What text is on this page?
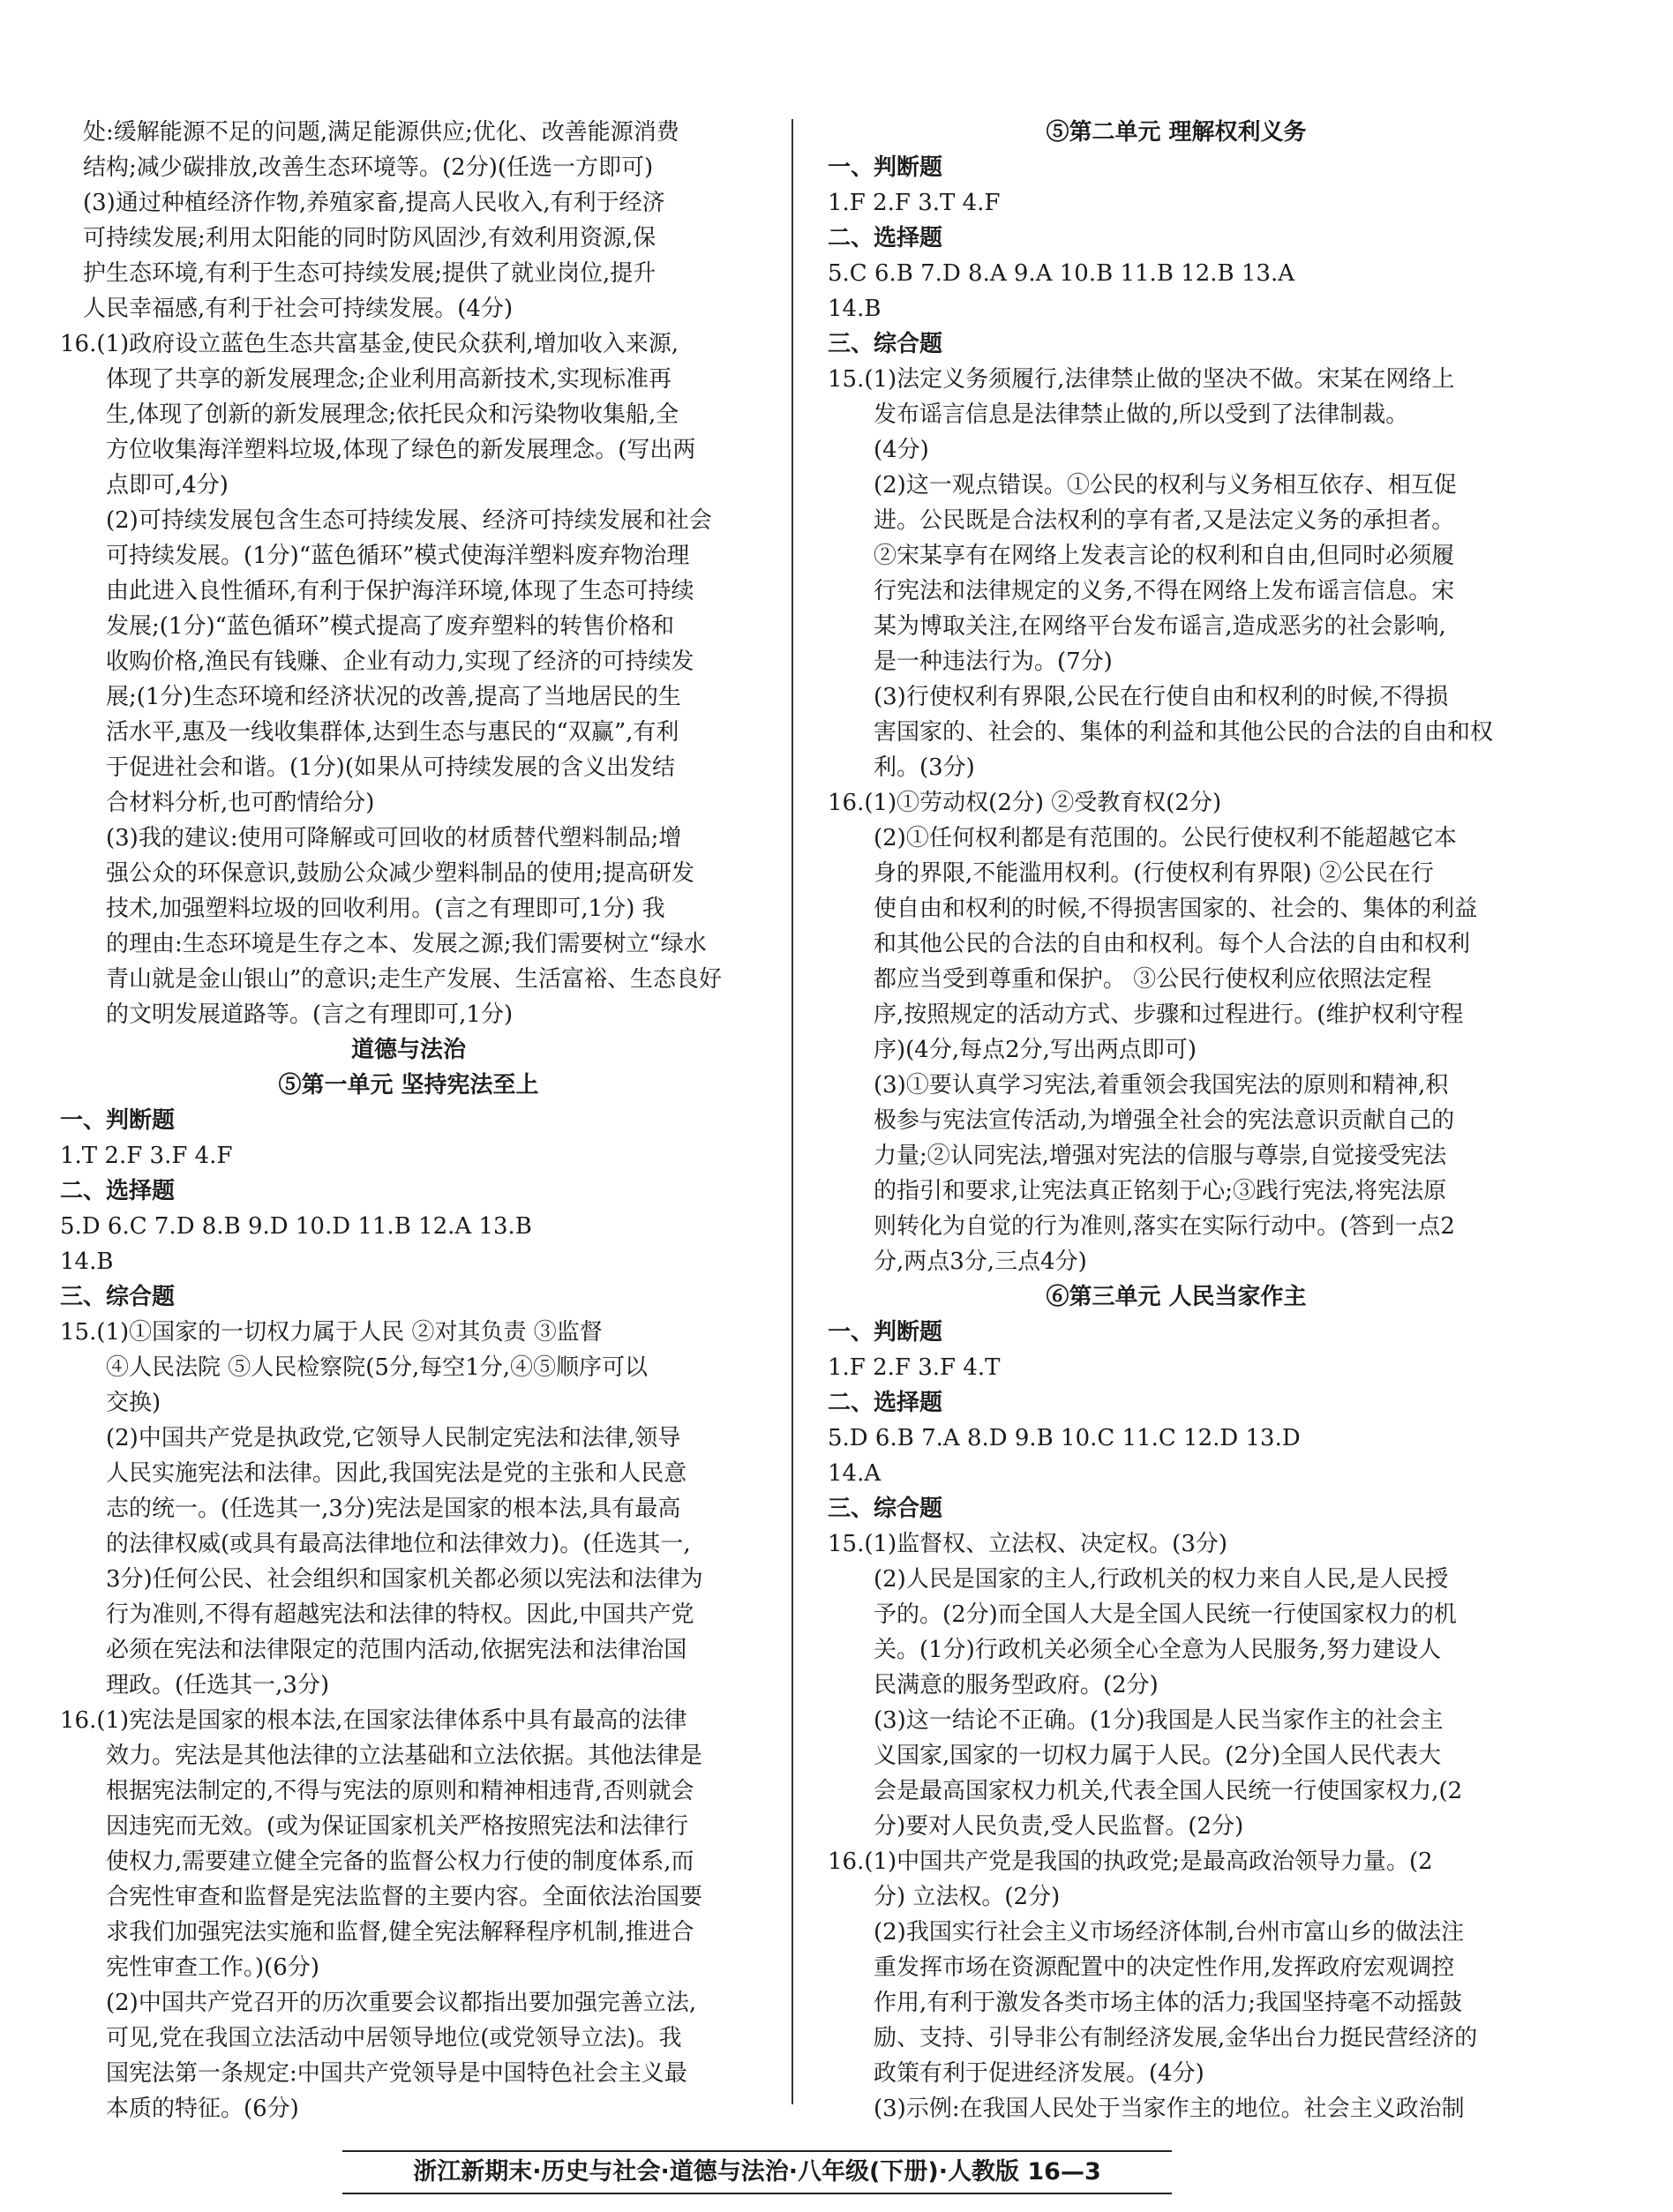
处:缓解能源不足的问题,满足能源供应;优化、改善能源消费
结构;减少碳排放,改善生态环境等。(2分)(任选一方即可)
(3)通过种植经济作物,养殖家畜,提高人民收入,有利于经济
可持续发展;利用太阳能的同时防风固沙,有效利用资源,保
护生态环境,有利于生态可持续发展;提供了就业岗位,提升
人民幸福感,有利于社会可持续发展。(4分)
16.(1)政府设立蓝色生态共富基金,使民众获利,增加收入来源,
体现了共享的新发展理念;企业利用高新技术,实现标准再
生,体现了创新的新发展理念;依托民众和污染物收集船,全
方位收集海洋塑料垃圾,体现了绿色的新发展理念。(写出两
点即可,4分)
(2)可持续发展包含生态可持续发展、经济可持续发展和社会
可持续发展。(1分)“蓝色循环”模式使海洋塑料废弃物治理
由此进入良性循环,有利于保护海洋环境,体现了生态可持续
发展;(1分)“蓝色循环”模式提高了废弃塑料的转售价格和
收购价格,渔民有钱赚、企业有动力,实现了经济的可持续发
展;(1分)生态环境和经济状况的改善,提高了当地居民的生
活水平,惠及一线收集群体,达到生态与惠民的“双赢”,有利
于促进社会和谐。(1分)(如果从可持续发展的含义出发结
合材料分析,也可酌情给分)
(3)我的建议:使用可降解或可回收的材质替代塑料制品;增
强公众的环保意识,鼓励公众减少塑料制品的使用;提高研发
技术,加强塑料垃圾的回收利用。(言之有理即可,1分) 我
的理由:生态环境是生存之本、发展之源;我们需要树立“绿水
青山就是金山银山”的意识;走生产发展、生活富裕、生态良好
的文明发展道路等。(言之有理即可,1分)
道德与法治
⑤第一单元 坚持宪法至上
一、判断题
1.T 2.F 3.F 4.F
二、选择题
5.D 6.C 7.D 8.B 9.D 10.D 11.B 12.A 13.B
14.B
三、综合题
15.(1)①国家的一切权力属于人民 ②对其负责 ③监督
④人民法院 ⑤人民检察院(5分,每空1分,④⑤顺序可以
交换)
(2)中国共产党是执政党,它领导人民制定宪法和法律,领导
人民实施宪法和法律。因此,我国宪法是党的主张和人民意
志的统一。(任选其一,3分)宪法是国家的根本法,具有最高
的法律权威(或具有最高法律地位和法律效力)。(任选其一,
3分)任何公民、社会组织和国家机关都必须以宪法和法律为
行为准则,不得有超越宪法和法律的特权。因此,中国共产党
必须在宪法和法律限定的范围内活动,依据宪法和法律治国
理政。(任选其一,3分)
16.(1)宪法是国家的根本法,在国家法律体系中具有最高的法律
效力。宪法是其他法律的立法基础和立法依据。其他法律是
根据宪法制定的,不得与宪法的原则和精神相违背,否则就会
因违宪而无效。(或为保证国家机关严格按照宪法和法律行
使权力,需要建立健全完备的监督公权力行使的制度体系,而
合宪性审查和监督是宪法监督的主要内容。全面依法治国要
求我们加强宪法实施和监督,健全宪法解释程序机制,推进合
宪性审查工作。)(6分)
(2)中国共产党召开的历次重要会议都指出要加强完善立法,
可见,党在我国立法活动中居领导地位(或党领导立法)。我
国宪法第一条规定:中国共产党领导是中国特色社会主义最
本质的特征。(6分)
⑤第二单元 理解权利义务
一、判断题
1.F 2.F 3.T 4.F
二、选择题
5.C 6.B 7.D 8.A 9.A 10.B 11.B 12.B 13.A
14.B
三、综合题
15.(1)法定义务须履行,法律禁止做的坚决不做。宋某在网络上
发布谣言信息是法律禁止做的,所以受到了法律制裁。
(4分)
(2)这一观点错误。①公民的权利与义务相互依存、相互促
进。公民既是合法权利的享有者,又是法定义务的承担者。
②宋某享有在网络上发表言论的权利和自由,但同时必须履
行宪法和法律规定的义务,不得在网络上发布谣言信息。宋
某为博取关注,在网络平台发布谣言,造成恶劣的社会影响,
是一种违法行为。(7分)
(3)行使权利有界限,公民在行使自由和权利的时候,不得损
害国家的、社会的、集体的利益和其他公民的合法的自由和权
利。(3分)
16.(1)①劳动权(2分) ②受教育权(2分)
(2)①任何权利都是有范围的。公民行使权利不能超越它本
身的界限,不能滥用权利。(行使权利有界限) ②公民在行
使自由和权利的时候,不得损害国家的、社会的、集体的利益
和其他公民的合法的自由和权利。每个人合法的自由和权利
都应当受到尊重和保护。 ③公民行使权利应依照法定程
序,按照规定的活动方式、步骤和过程进行。(维护权利守程
序)(4分,每点2分,写出两点即可)
(3)①要认真学习宪法,着重领会我国宪法的原则和精神,积
极参与宪法宣传活动,为增强全社会的宪法意识贡献自己的
力量;②认同宪法,增强对宪法的信服与尊崇,自觉接受宪法
的指引和要求,让宪法真正铭刻于心;③践行宪法,将宪法原
则转化为自觉的行为准则,落实在实际行动中。(答到一点2
分,两点3分,三点4分)
⑥第三单元 人民当家作主
一、判断题
1.F 2.F 3.F 4.T
二、选择题
5.D 6.B 7.A 8.D 9.B 10.C 11.C 12.D 13.D
14.A
三、综合题
15.(1)监督权、立法权、决定权。(3分)
(2)人民是国家的主人,行政机关的权力来自人民,是人民授
予的。(2分)而全国人大是全国人民统一行使国家权力的机
关。(1分)行政机关必须全心全意为人民服务,努力建设人
民满意的服务型政府。(2分)
(3)这一结论不正确。(1分)我国是人民当家作主的社会主
义国家,国家的一切权力属于人民。(2分)全国人民代表大
会是最高国家权力机关,代表全国人民统一行使国家权力,(2
分)要对人民负责,受人民监督。(2分)
16.(1)中国共产党是我国的执政党;是最高政治领导力量。(2
分) 立法权。(2分)
(2)我国实行社会主义市场经济体制,台州市富山乡的做法注
重发挥市场在资源配置中的决定性作用,发挥政府宏观调控
作用,有利于激发各类市场主体的活力;我国坚持毫不动摇鼓
励、支持、引导非公有制经济发展,金华出台力挺民营经济的
政策有利于促进经济发展。(4分)
(3)示例:在我国人民处于当家作主的地位。社会主义政治制
浙江新期末·历史与社会·道德与法治·八年级(下册)·人教版 16—3
